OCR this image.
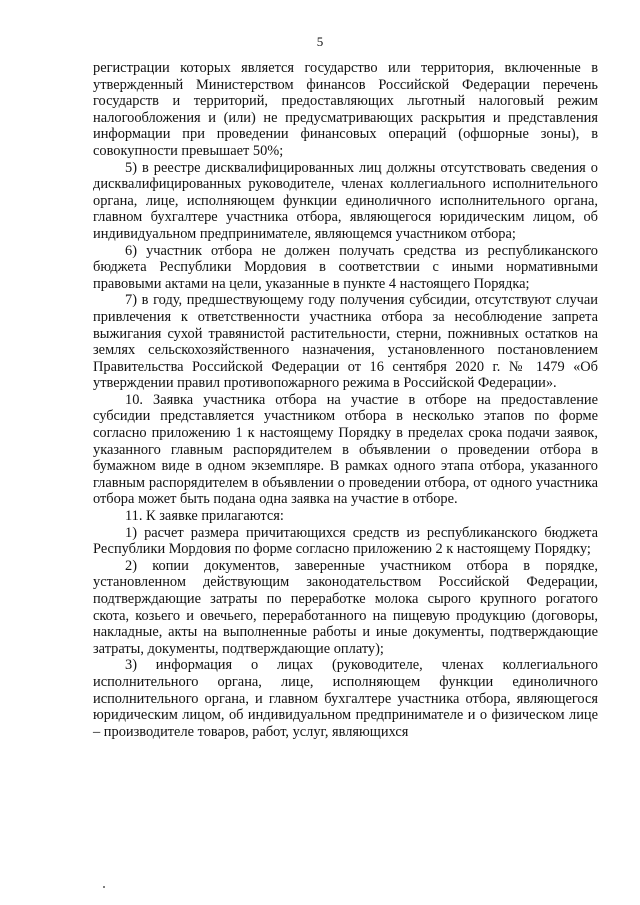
5

регистрации которых является государство или территория, включенные в утвержденный Министерством финансов Российской Федерации перечень государств и территорий, предоставляющих льготный налоговый режим налогообложения и (или) не предусматривающих раскрытия и представления информации при проведении финансовых операций (офшорные зоны), в совокупности превышает 50%;

5) в реестре дисквалифицированных лиц должны отсутствовать сведения о дисквалифицированных руководителе, членах коллегиального исполнительного органа, лице, исполняющем функции единоличного исполнительного органа, главном бухгалтере участника отбора, являющегося юридическим лицом, об индивидуальном предпринимателе, являющемся участником отбора;

6) участник отбора не должен получать средства из республиканского бюджета Республики Мордовия в соответствии с иными нормативными правовыми актами на цели, указанные в пункте 4 настоящего Порядка;

7) в году, предшествующему году получения субсидии, отсутствуют случаи привлечения к ответственности участника отбора за несоблюдение запрета выжигания сухой травянистой растительности, стерни, пожнивных остатков на землях сельскохозяйственного назначения, установленного постановлением Правительства Российской Федерации от 16 сентября 2020 г. № 1479 «Об утверждении правил противопожарного режима в Российской Федерации».

10. Заявка участника отбора на участие в отборе на предоставление субсидии представляется участником отбора в несколько этапов по форме согласно приложению 1 к настоящему Порядку в пределах срока подачи заявок, указанного главным распорядителем в объявлении о проведении отбора в бумажном виде в одном экземпляре. В рамках одного этапа отбора, указанного главным распорядителем в объявлении о проведении отбора, от одного участника отбора может быть подана одна заявка на участие в отборе.

11. К заявке прилагаются:

1) расчет размера причитающихся средств из республиканского бюджета Республики Мордовия по форме согласно приложению 2 к настоящему Порядку;

2) копии документов, заверенные участником отбора в порядке, установленном действующим законодательством Российской Федерации, подтверждающие затраты по переработке молока сырого крупного рогатого скота, козьего и овечьего, переработанного на пищевую продукцию (договоры, накладные, акты на выполненные работы и иные документы, подтверждающие затраты, документы, подтверждающие оплату);

3) информация о лицах (руководителе, членах коллегиального исполнительного органа, лице, исполняющем функции единоличного исполнительного органа, и главном бухгалтере участника отбора, являющегося юридическим лицом, об индивидуальном предпринимателе и о физическом лице – производителе товаров, работ, услуг, являющихся
